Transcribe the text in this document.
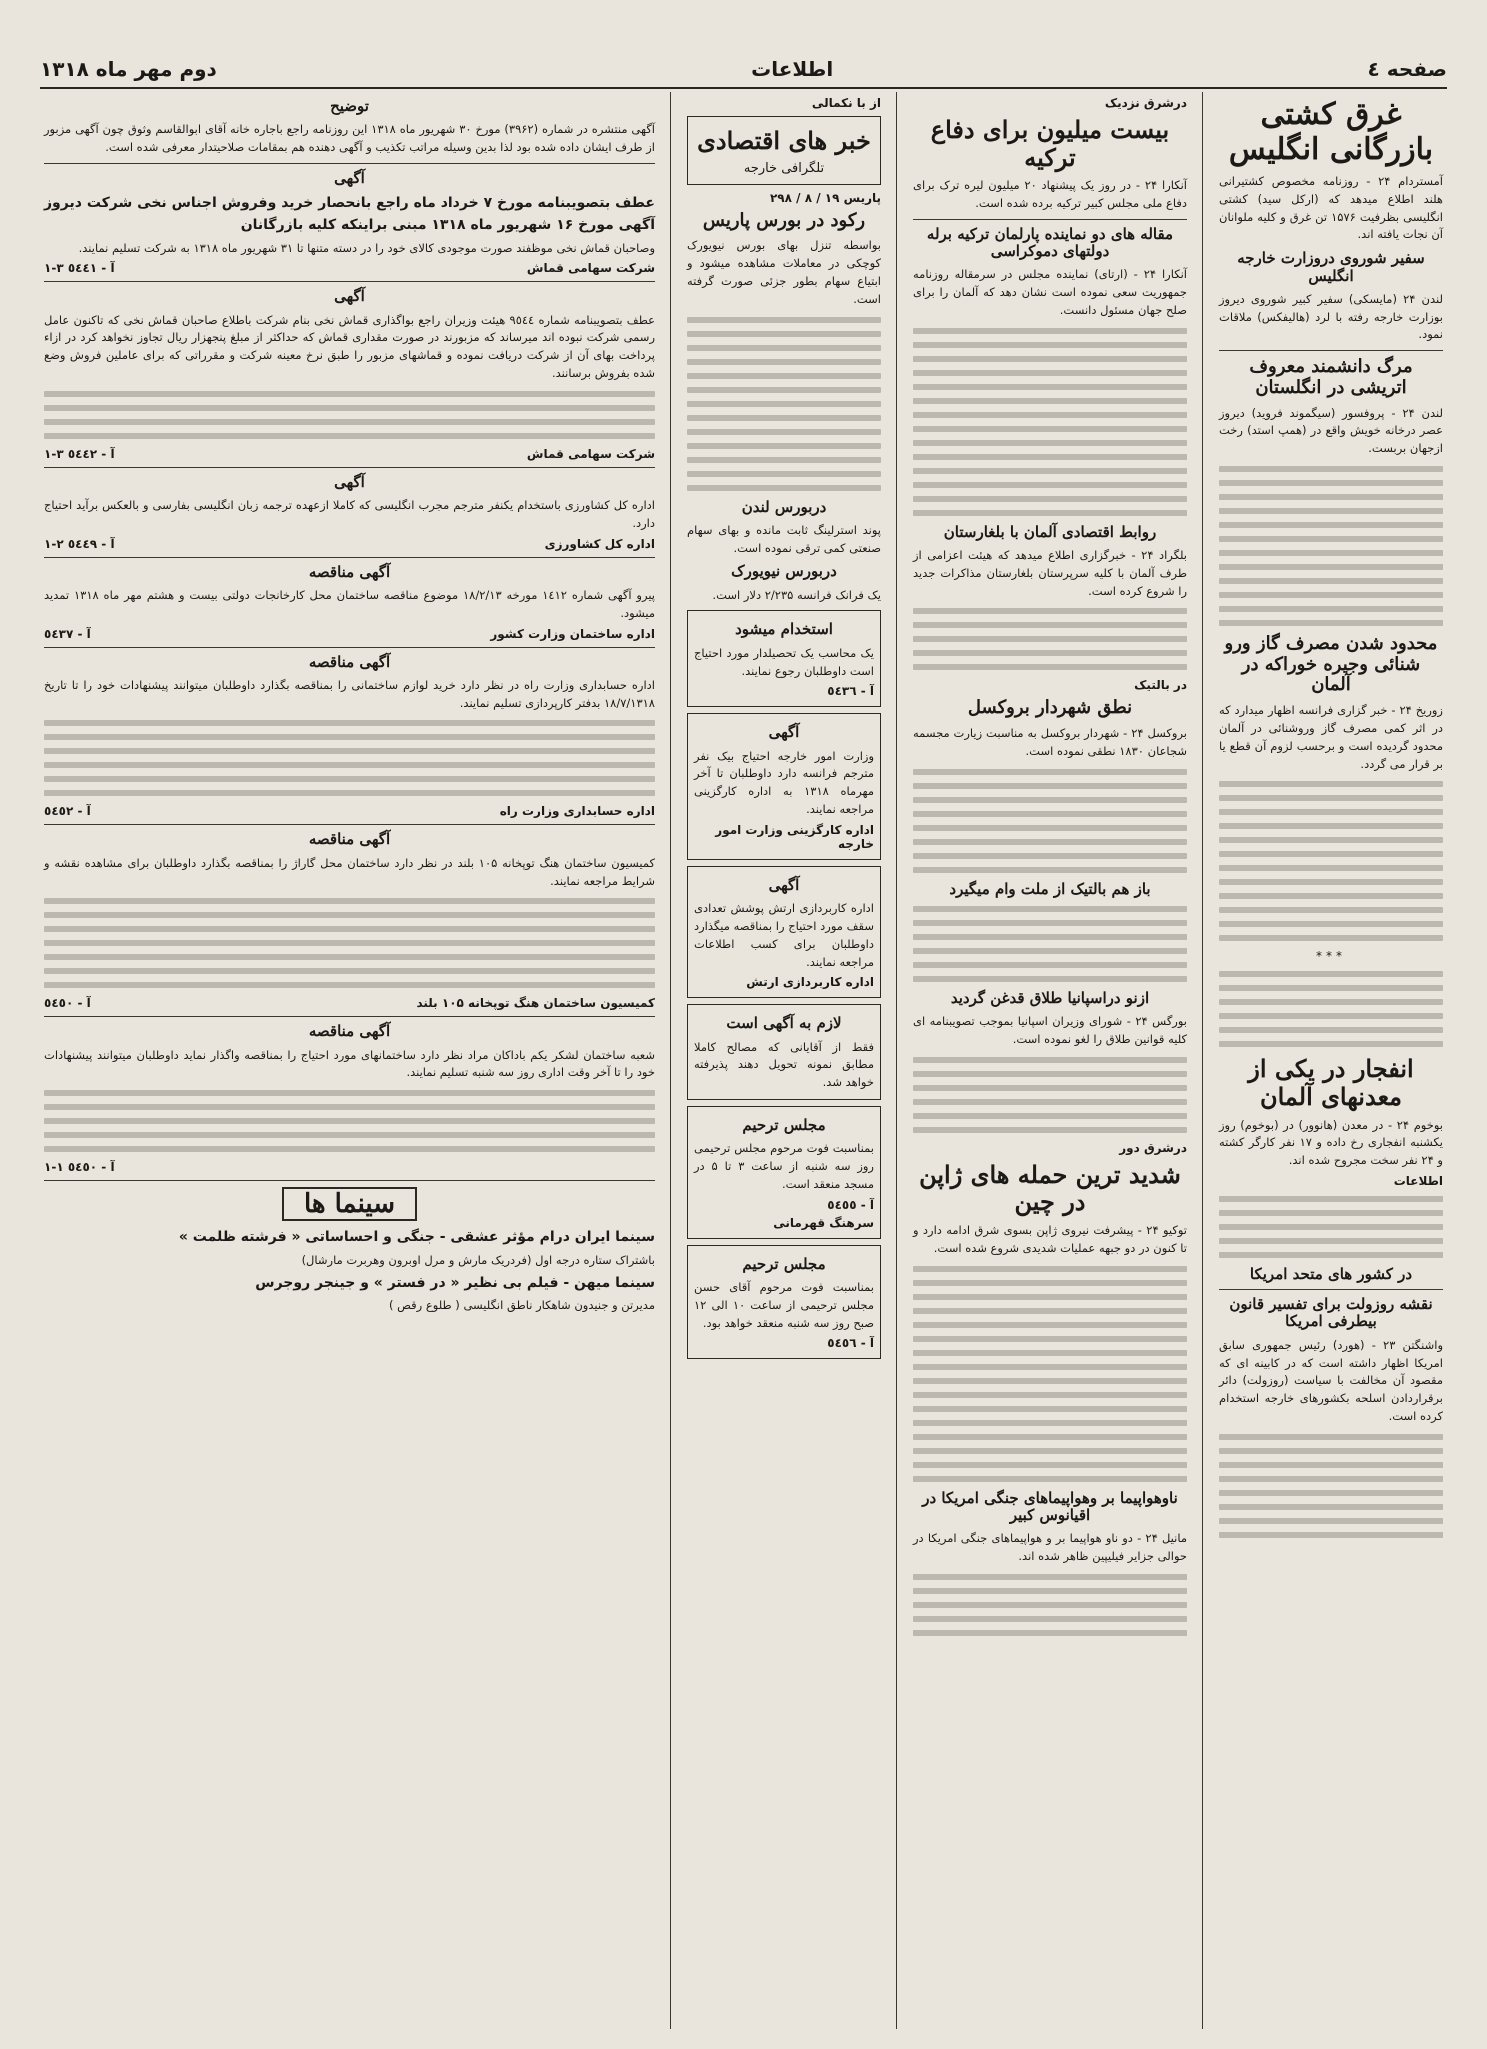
صفحه ٤
اطلاعات
دوم مهر ماه ۱۳۱۸
غرق کشتی بازرگانی انگلیس

آمستردام ۲۴ - روزنامه مخصوص کشتیرانی هلند اطلاع میدهد که (ارکل سید) کشتی انگلیسی بظرفیت ۱۵۷۶ تن غرق و کلیه ملوانان آن نجات یافته اند.

سفیر شوروی دروزارت خارجه انگلیس

لندن ۲۴ (مایسکی) سفیر کبیر شوروی دیروز بوزارت خارجه رفته با لرد (هالیفکس) ملاقات نمود.

مرگ دانشمند معروف اتریشی در انگلستان

لندن ۲۴ - پروفسور (سیگموند فروید) دیروز عصر درخانه خویش واقع در (همپ استد) رخت ازجهان بربست.

محدود شدن مصرف گاز ورو شنائی وجیره خوراکه در آلمان

زوریخ ۲۴ - خبر گزاری فرانسه اظهار میدارد که در اثر کمی مصرف گاز وروشنائی در آلمان محدود گردیده است و برحسب لزوم آن قطع یا بر قرار می گردد.

***
انفجار در یکی از معدنهای آلمان

بوخوم ۲۴ - در معدن (هانوور) در (بوخوم) روز یکشنبه انفجاری رخ داده و ۱۷ نفر کارگر کشته و ۲۴ نفر سخت مجروح شده اند.

اطلاعات
در کشور های متحد امریکا
نقشه روزولت برای تفسیر قانون بیطرفی امریکا

واشنگتن ۲۳ - (هورد) رئیس جمهوری سابق امریکا اظهار داشته است که در کابینه ای که مقصود آن مخالفت با سیاست (روزولت) دائر برقراردادن اسلحه بکشورهای خارجه استخدام کرده است.

درشرق نزدیک
بیست میلیون برای دفاع ترکیه

آنکارا ۲۴ - در روز یک پیشنهاد ۲۰ میلیون لیره ترک برای دفاع ملی مجلس کبیر ترکیه برده شده است.

مقاله های دو نماینده پارلمان ترکیه برله دولتهای دموکراسی

آنکارا ۲۴ - (ارتای) نماینده مجلس در سرمقاله روزنامه جمهوریت سعی نموده است نشان دهد که آلمان را برای صلح جهان مسئول دانست.

روابط اقتصادی آلمان با بلغارستان

بلگراد ۲۴ - خبرگزاری اطلاع میدهد که هیئت اعزامی از طرف آلمان با کلیه سرپرستان بلغارستان مذاکرات جدید را شروع کرده است.

در بالتیک
نطق شهردار بروکسل

بروکسل ۲۴ - شهردار بروکسل به مناسبت زیارت مجسمه شجاعان ۱۸۳۰ نطقی نموده است.

باز هم بالتیک از ملت وام میگیرد
ازنو دراسپانیا طلاق قدغن گردید

بورگس ۲۴ - شورای وزیران اسپانیا بموجب تصویبنامه ای کلیه قوانین طلاق را لغو نموده است.

درشرق دور
شدید ترین حمله های ژاپن در چین

توکیو ۲۴ - پیشرفت نیروی ژاپن بسوی شرق ادامه دارد و تا کنون در دو جبهه عملیات شدیدی شروع شده است.

ناوهواپیما بر وهواپیماهای جنگی امریکا در اقیانوس کبیر

مانیل ۲۴ - دو ناو هواپیما بر و هواپیماهای جنگی امریکا در حوالی جزایر فیلیپین ظاهر شده اند.

از با نکمالی
خبر های اقتصادی
تلگرافی خارجه
پاریس ۱۹ / ۸ / ۲۹۸
رکود در بورس پاریس

بواسطه تنزل بهای بورس نیویورک کوچکی در معاملات مشاهده میشود و ابتیاع سهام بطور جزئی صورت گرفته است.

دربورس لندن

پوند استرلینگ ثابت مانده و بهای سهام صنعتی کمی ترقی نموده است.

دربورس نیویورک

یک فرانک فرانسه ۲/۲۳۵ دلار است.

استخدام میشود

یک محاسب یک تحصیلدار مورد احتیاج است داوطلبان رجوع نمایند.

آ - ٥٤٣٦
آگهی

وزارت امور خارجه احتیاج بیک نفر مترجم فرانسه دارد داوطلبان تا آخر مهرماه ۱۳۱۸ به اداره کارگزینی مراجعه نمایند.

اداره کارگزینی وزارت امور خارجه
آگهی

اداره کاربردازی ارتش پوشش تعدادی سقف مورد احتیاج را بمناقصه میگذارد داوطلبان برای کسب اطلاعات مراجعه نمایند.

اداره کاربردازی ارتش
لازم به آگهی است

فقط از آقایانی که مصالح کاملا مطابق نمونه تحویل دهند پذیرفته خواهد شد.

مجلس ترحیم

بمناسبت فوت مرحوم مجلس ترحیمی روز سه شنبه از ساعت ۳ تا ۵ در مسجد منعقد است.

آ - ٥٤٥٥
سرهنگ قهرمانی
مجلس ترحیم

بمناسبت فوت مرحوم آقای حسن مجلس ترحیمی از ساعت ۱۰ الی ۱۲ صبح روز سه شنبه منعقد خواهد بود.

آ - ٥٤٥٦
توضیح

آگهی منتشره در شماره (۳۹۶۲) مورخ ۳۰ شهریور ماه ۱۳۱۸ این روزنامه راجع باجاره خانه آقای ابوالقاسم وثوق چون آگهی مزبور از طرف ایشان داده شده بود لذا بدین وسیله مراتب تکذیب و آگهی دهنده هم بمقامات صلاحیتدار معرفی شده است.

آگهی

عطف بتصویبنامه مورخ ۷ خرداد ماه راجع بانحصار خرید وفروش اجناس نخی شرکت دیروز آگهی مورخ ۱۶ شهریور ماه ۱۳۱۸ مبنی براینکه کلیه بازرگانان

وصاحبان قماش نخی موظفند صورت موجودی کالای خود را در دسته متنها تا ۳۱ شهریور ماه ۱۳۱۸ به شرکت تسلیم نمایند.

شرکت سهامی قماش
آ - ٥٤٤١ ۳-۱
آگهی

عطف بتصویبنامه شماره ۹٥٤٤ هیئت وزیران راجع بواگذاری قماش نخی بنام شرکت باطلاع صاحبان قماش نخی که تاکنون عامل رسمی شرکت نبوده اند میرساند که مزبورند در صورت مقداری قماش که حداکثر از مبلغ پنجهزار ریال تجاوز نخواهد کرد در ازاء پرداخت بهای آن از شرکت دریافت نموده و قماشهای مزبور را طبق نرخ معینه شرکت و مقرراتی که برای عاملین فروش وضع شده بفروش برسانند.

شرکت سهامی قماش
آ - ٥٤٤٢ ۳-۱
آگهی

اداره کل کشاورزی باستخدام یکنفر مترجم مجرب انگلیسی که کاملا ازعهده ترجمه زبان انگلیسی بفارسی و بالعکس برآید احتیاج دارد.

اداره کل کشاورزی
آ - ٥٤٤٩ ۲-۱
آگهی مناقصه

پیرو آگهی شماره ۱٤۱۲ مورخه ۱۸/۲/۱۳ موضوع مناقصه ساختمان محل کارخانجات دولتی بیست و هشتم مهر ماه ۱۳۱۸ تمدید میشود.

اداره ساختمان وزارت کشور
آ - ٥٤٣٧
آگهی مناقصه

اداره حسابداری وزارت راه در نظر دارد خرید لوازم ساختمانی را بمناقصه بگذارد داوطلبان میتوانند پیشنهادات خود را تا تاریخ ۱۸/۷/۱۳۱۸ بدفتر کارپردازی تسلیم نمایند.

اداره حسابداری وزارت راه
آ - ٥٤٥٢
آگهی مناقصه

کمیسیون ساختمان هنگ توپخانه ۱۰۵ بلند در نظر دارد ساختمان محل گاراژ را بمناقصه بگذارد داوطلبان برای مشاهده نقشه و شرایط مراجعه نمایند.

کمیسیون ساختمان هنگ توپخانه ۱۰۵ بلند
آ - ٥٤٥٠
آگهی مناقصه

شعبه ساختمان لشکر یکم باداکان مراد نظر دارد ساختمانهای مورد احتیاج را بمناقصه واگذار نماید داوطلبان میتوانند پیشنهادات خود را تا آخر وقت اداری روز سه شنبه تسلیم نمایند.

آ - ٥٤٥٠ ۱-۱
سینما ها

سینما ایران درام مؤثر عشقی - جنگی و احساساتی « فرشته ظلمت »

باشتراک ستاره درجه اول (فردریک مارش و مرل اوبرون وهربرت مارشال)

سینما میهن - فیلم بی نظیر « در فستر » و جینجر روجرس

مدیرتن و جنیدون شاهکار ناطق انگلیسی ( طلوع رقص )
